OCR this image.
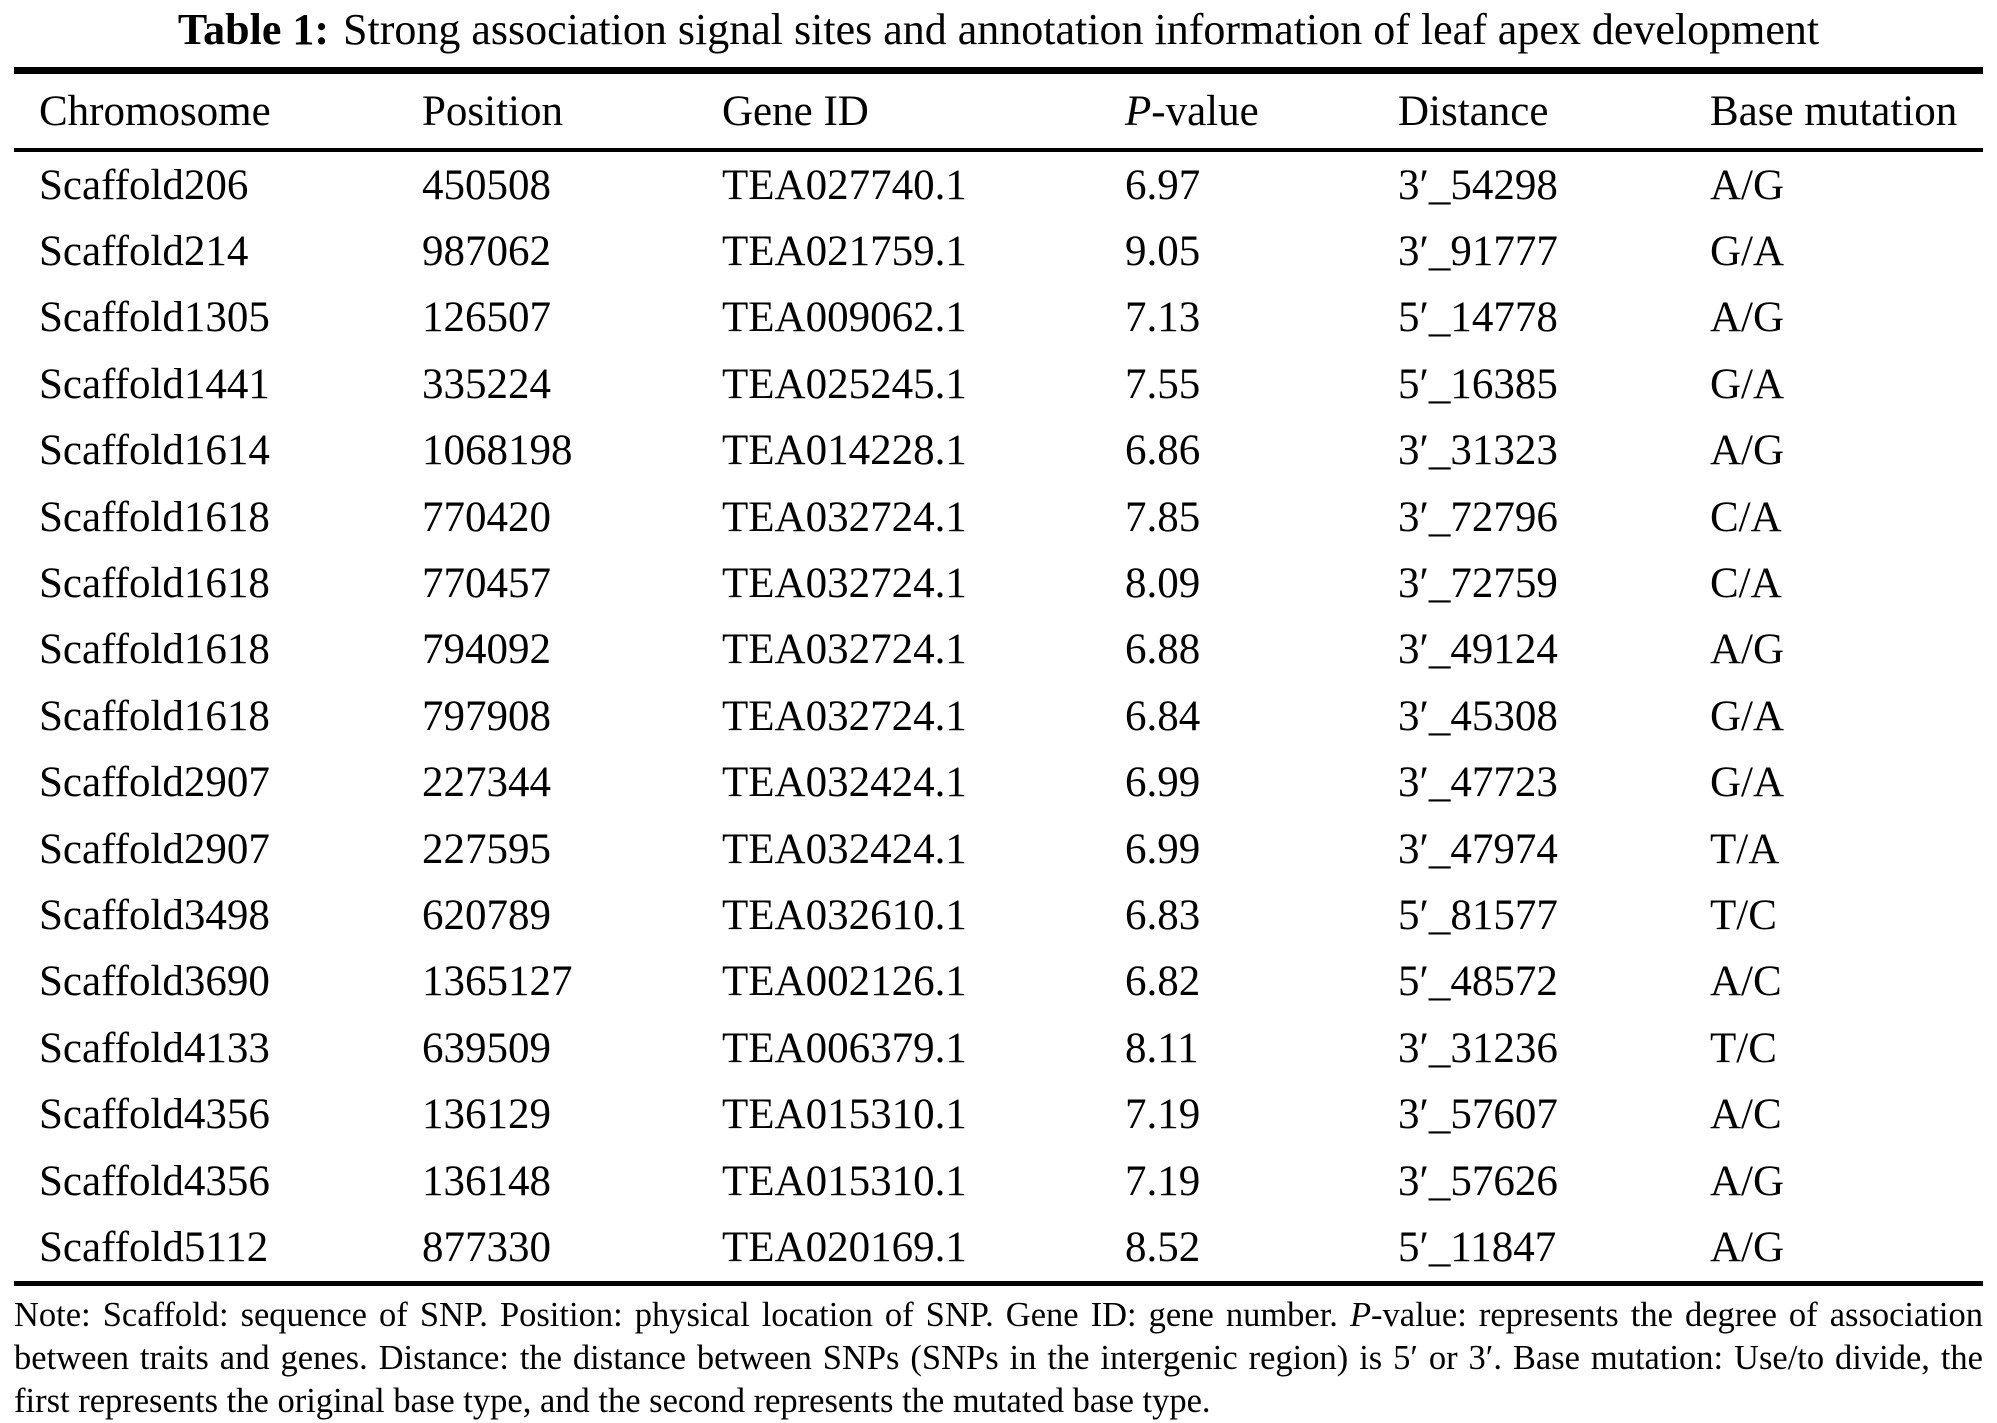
Table 1: Strong association signal sites and annotation information of leaf apex development
Chromosome	Position	Gene ID	P-value	Distance	Base mutation
Scaffold206	450508	TEA027740.1	6.97	3′_54298	A/G
Scaffold214	987062	TEA021759.1	9.05	3′_91777	G/A
Scaffold1305	126507	TEA009062.1	7.13	5′_14778	A/G
Scaffold1441	335224	TEA025245.1	7.55	5′_16385	G/A
Scaffold1614	1068198	TEA014228.1	6.86	3′_31323	A/G
Scaffold1618	770420	TEA032724.1	7.85	3′_72796	C/A
Scaffold1618	770457	TEA032724.1	8.09	3′_72759	C/A
Scaffold1618	794092	TEA032724.1	6.88	3′_49124	A/G
Scaffold1618	797908	TEA032724.1	6.84	3′_45308	G/A
Scaffold2907	227344	TEA032424.1	6.99	3′_47723	G/A
Scaffold2907	227595	TEA032424.1	6.99	3′_47974	T/A
Scaffold3498	620789	TEA032610.1	6.83	5′_81577	T/C
Scaffold3690	1365127	TEA002126.1	6.82	5′_48572	A/C
Scaffold4133	639509	TEA006379.1	8.11	3′_31236	T/C
Scaffold4356	136129	TEA015310.1	7.19	3′_57607	A/C
Scaffold4356	136148	TEA015310.1	7.19	3′_57626	A/G
Scaffold5112	877330	TEA020169.1	8.52	5′_11847	A/G

Note: Scaffold: sequence of SNP. Position: physical location of SNP. Gene ID: gene number. P-value: represents the degree of association between traits and genes. Distance: the distance between SNPs (SNPs in the intergenic region) is 5′ or 3′. Base mutation: Use/to divide, the first represents the original base type, and the second represents the mutated base type.
